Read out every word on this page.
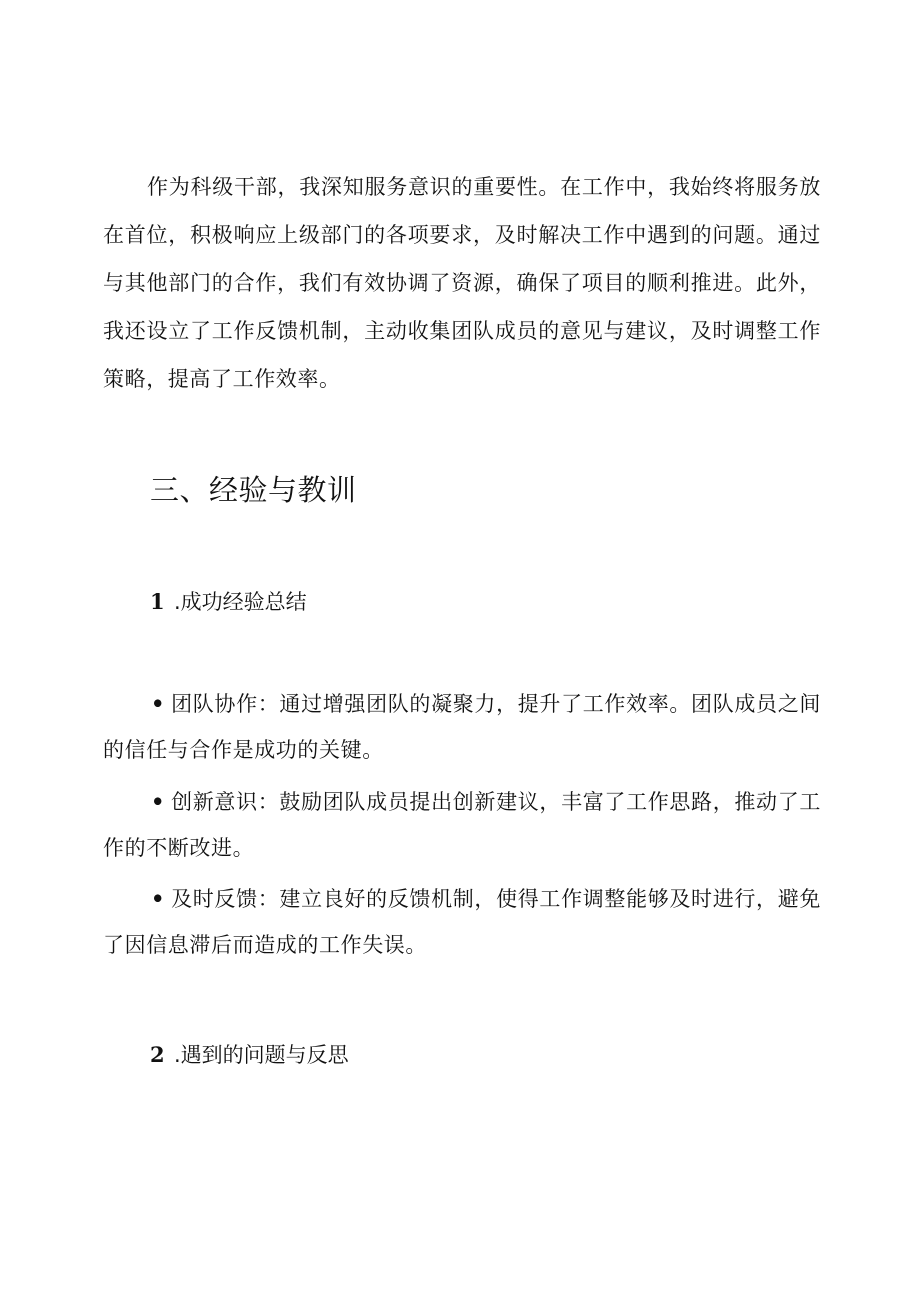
作为科级干部，我深知服务意识的重要性。在工作中，我始终将服务放在首位，积极响应上级部门的各项要求，及时解决工作中遇到的问题。通过与其他部门的合作，我们有效协调了资源，确保了项目的顺利推进。此外，我还设立了工作反馈机制，主动收集团队成员的意见与建议，及时调整工作策略，提高了工作效率。

三、经验与教训
1 .成功经验总结

• 团队协作：通过增强团队的凝聚力，提升了工作效率。团队成员之间的信任与合作是成功的关键。

• 创新意识：鼓励团队成员提出创新建议，丰富了工作思路，推动了工作的不断改进。

• 及时反馈：建立良好的反馈机制，使得工作调整能够及时进行，避免了因信息滞后而造成的工作失误。

2 .遇到的问题与反思
